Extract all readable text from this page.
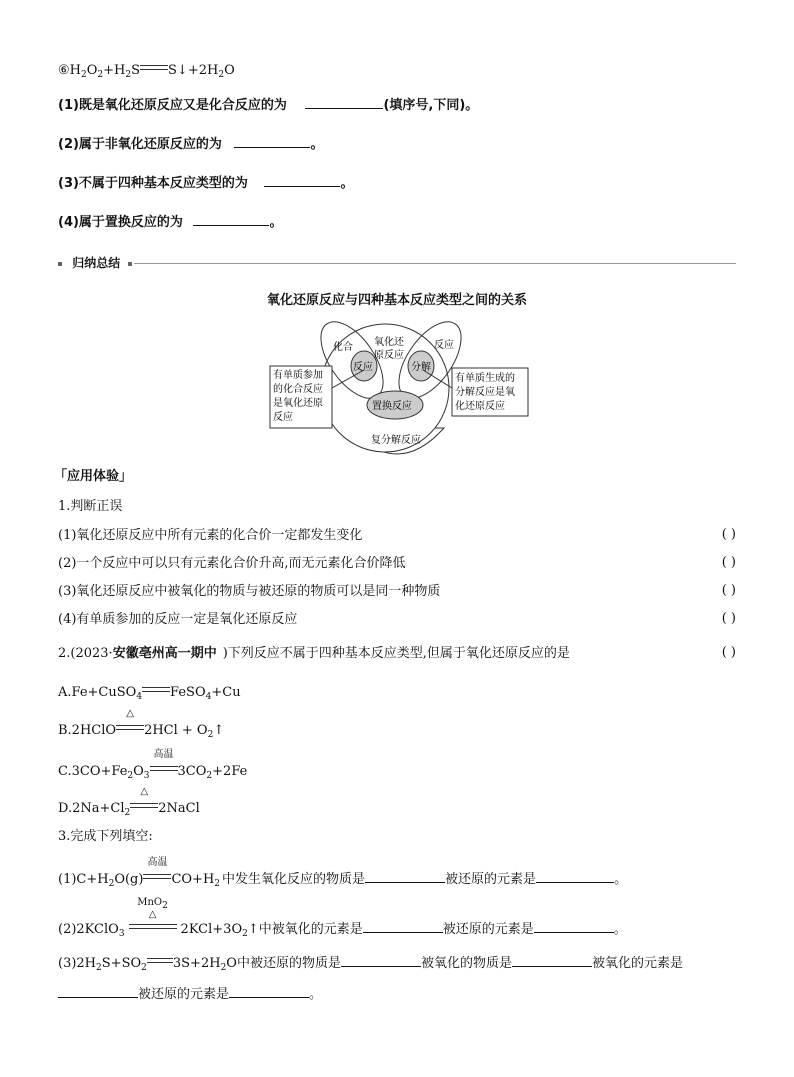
$⑥H_2O_2+H_2S$ $S↓+2H_2O$
(1)既是氧化还原反应又是化合反应的为	(填序号,下同)。
(2)属于非氧化还原反应的为	。
(3)不属于四种基本反应类型的为	。
(4)属于置换反应的为	。
归纳总结
氧化还原反应与四种基本反应类型之间的关系
化合
反应
氧化还
原反应
反应
分解
置换反应
复分解反应
有单质参加
的化合反应
是氧化还原
反应
有单质生成的
分解反应是氧
化还原反应
「应用体验」
1.判断正误
(1)氧化还原反应中所有元素的化合价一定都发生变化	( )
(2)一个反应中可以只有元素化合价升高,而无元素化合价降低	( )
(3)氧化还原反应中被氧化的物质与被还原的物质可以是同一种物质	( )
(4)有单质参加的反应一定是氧化还原反应	( )
2.(2023·安徽亳州高一期中 )下列反应不属于四种基本反应类型,但属于氧化还原反应的是	( )
A.Fe+CuSO$_4$ FeSO$_4$+Cu
B.2HClO
△
$2HCl + O_2↑$
$C.3CO+Fe_2O_3$
高温
$3CO_2+2Fe$
$D.2Na+Cl_2$
△
2NaCl
3.完成下列填空:
$(1)C+H_2O(g)$
高温
$CO+H_2$ 中发生氧化反应的物质是	被还原的元素是	。
(2)2KClO$_3$
MnO$_2$
△
$2KCl+3O_2↑$中被氧化的元素是	被还原的元素是	。
$(3)2H_2S+SO_2$ $3S+2H_2O$中被还原的物质是	被氧化的物质是	被氧化的元素是
被还原的元素是	。
